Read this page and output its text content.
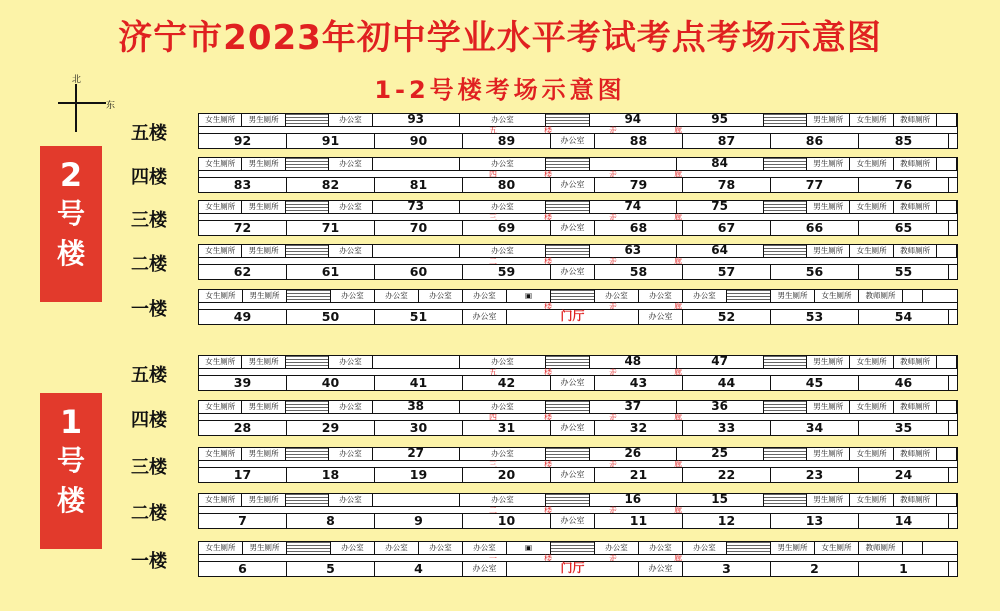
济宁市2023年初中学业水平考试考点考场示意图
1-2号楼考场示意图
北
东
2
号
楼
1
号
楼
五楼
女生厕所	男生厕所	办公室	93	办公室	94	95	男生厕所	女生厕所	教师厕所
五	楼	走	廊
92	91	90	89	办公室	88	87	86	85
四楼
女生厕所	男生厕所	办公室	办公室	84	男生厕所	女生厕所	教师厕所
四	楼	走	廊
83	82	81	80	办公室	79	78	77	76
三楼
女生厕所	男生厕所	办公室	73	办公室	74	75	男生厕所	女生厕所	教师厕所
三	楼	走	廊
72	71	70	69	办公室	68	67	66	65
二楼
女生厕所	男生厕所	办公室	办公室	63	64	男生厕所	女生厕所	教师厕所
二	楼	走	廊
62	61	60	59	办公室	58	57	56	55
一楼
女生厕所	男生厕所	办公室	办公室	办公室	办公室	▣	办公室	办公室	办公室	男生厕所	女生厕所	教师厕所
楼	走	廊
49	50	51	办公室	门厅	办公室	52	53	54
五楼
女生厕所	男生厕所	办公室	办公室	48	47	男生厕所	女生厕所	教师厕所
五	楼	走	廊
39	40	41	42	办公室	43	44	45	46
四楼
女生厕所	男生厕所	办公室	38	办公室	37	36	男生厕所	女生厕所	教师厕所
四	楼	走	廊
28	29	30	31	办公室	32	33	34	35
三楼
女生厕所	男生厕所	办公室	27	办公室	26	25	男生厕所	女生厕所	教师厕所
三	楼	走	廊
17	18	19	20	办公室	21	22	23	24
二楼
女生厕所	男生厕所	办公室	办公室	16	15	男生厕所	女生厕所	教师厕所
二	楼	走	廊
7	8	9	10	办公室	11	12	13	14
一楼
女生厕所	男生厕所	办公室	办公室	办公室	办公室	▣	办公室	办公室	办公室	男生厕所	女生厕所	教师厕所
一	楼	走	廊
6	5	4	办公室	门厅	办公室	3	2	1
